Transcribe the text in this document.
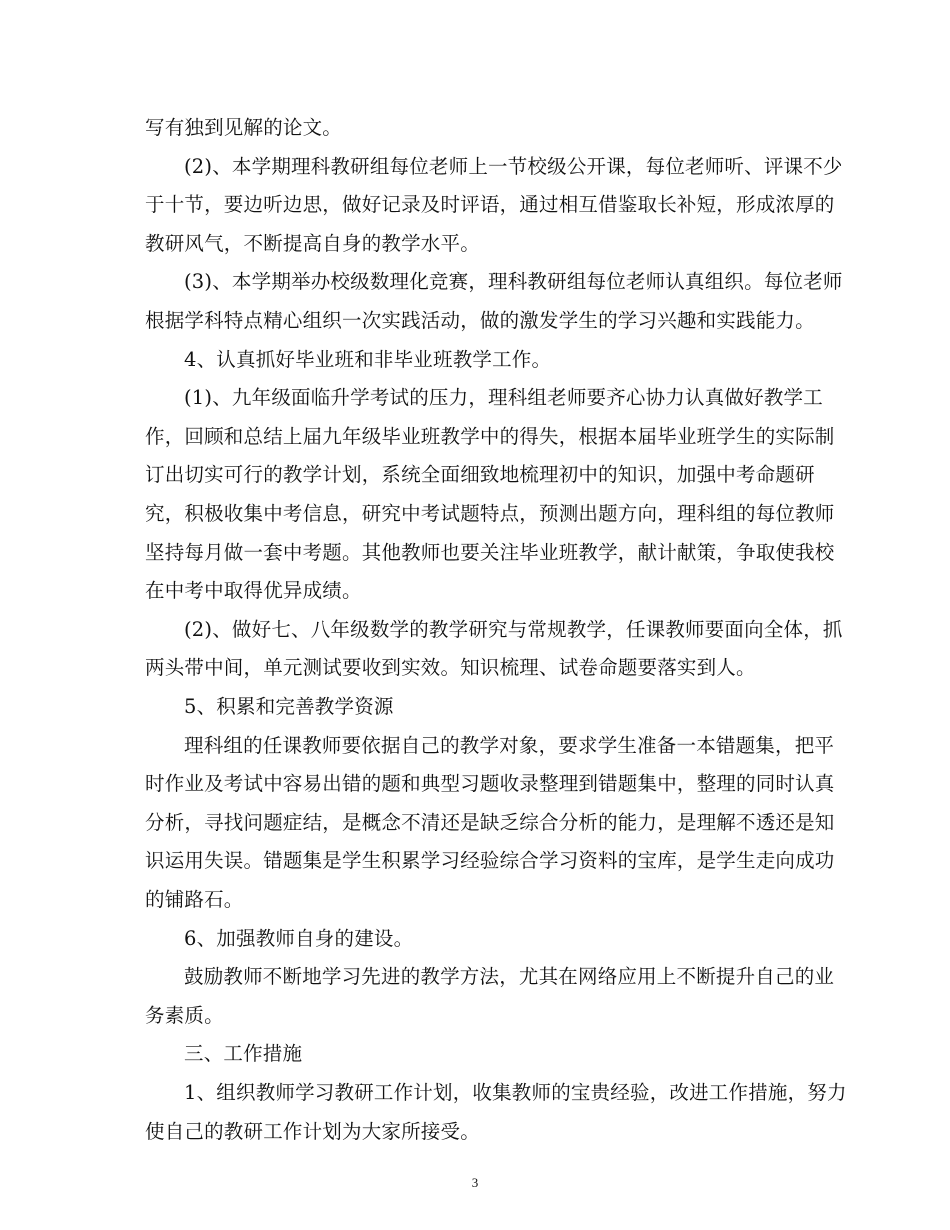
写有独到见解的论文。
(2)、本学期理科教研组每位老师上一节校级公开课，每位老师听、评课不少
于十节，要边听边思，做好记录及时评语，通过相互借鉴取长补短，形成浓厚的
教研风气，不断提高自身的教学水平。
(3)、本学期举办校级数理化竞赛，理科教研组每位老师认真组织。每位老师
根据学科特点精心组织一次实践活动，做的激发学生的学习兴趣和实践能力。
4、认真抓好毕业班和非毕业班教学工作。
(1)、九年级面临升学考试的压力，理科组老师要齐心协力认真做好教学工
作，回顾和总结上届九年级毕业班教学中的得失，根据本届毕业班学生的实际制
订出切实可行的教学计划，系统全面细致地梳理初中的知识，加强中考命题研
究，积极收集中考信息，研究中考试题特点，预测出题方向，理科组的每位教师
坚持每月做一套中考题。其他教师也要关注毕业班教学，献计献策，争取使我校
在中考中取得优异成绩。
(2)、做好七、八年级数学的教学研究与常规教学，任课教师要面向全体，抓
两头带中间，单元测试要收到实效。知识梳理、试卷命题要落实到人。
5、积累和完善教学资源
理科组的任课教师要依据自己的教学对象，要求学生准备一本错题集，把平
时作业及考试中容易出错的题和典型习题收录整理到错题集中，整理的同时认真
分析，寻找问题症结，是概念不清还是缺乏综合分析的能力，是理解不透还是知
识运用失误。错题集是学生积累学习经验综合学习资料的宝库，是学生走向成功
的铺路石。
6、加强教师自身的建设。
鼓励教师不断地学习先进的教学方法，尤其在网络应用上不断提升自己的业
务素质。
三、工作措施
1、组织教师学习教研工作计划，收集教师的宝贵经验，改进工作措施，努力
3
使自己的教研工作计划为大家所接受。
